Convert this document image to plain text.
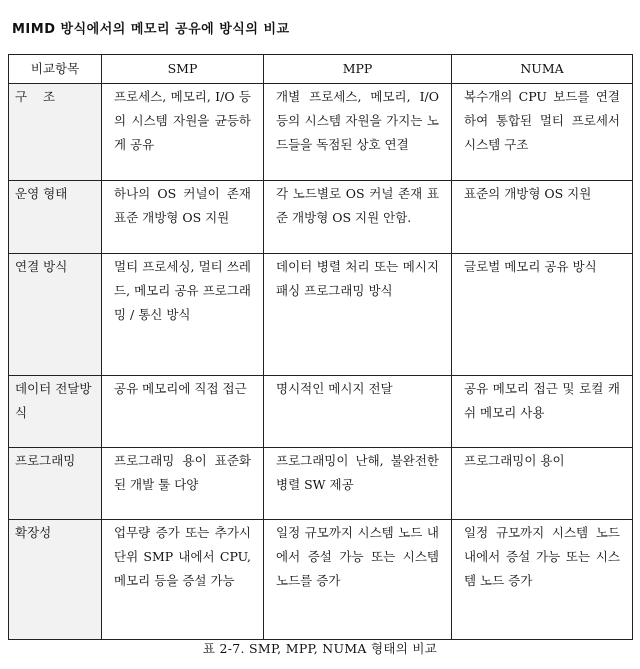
MIMD 방식에서의 메모리 공유에 방식의 비교
비교항목	SMP	MPP	NUMA
구    조	프로세스, 메모리, I/O 등의 시스템 자원을 균등하게 공유	개별 프로세스, 메모리, I/O 등의 시스템 자원을 가지는 노드들을 독점된 상호 연결	복수개의 CPU 보드를 연결하여 통합된 멀티 프로세서 시스템 구조
운영 형태	하나의 OS 커널이 존재 표준 개방형 OS 지원	각 노드별로 OS 커널 존재 표준 개방형 OS 지원 안함.	표준의 개방형 OS 지원
연결 방식	멀티 프로세싱, 멀티 쓰레드, 메모리 공유 프로그래밍 / 통신 방식	데이터 병렬 처리 또는 메시지 패싱 프로그래밍 방식	글로벌 메모리 공유 방식
데이터 전달방식	공유 메모리에 직접 접근	명시적인 메시지 전달	공유 메모리 접근 및 로컬 캐쉬 메모리 사용
프로그래밍	프로그래밍 용이 표준화된 개발 툴 다양	프로그래밍이 난해, 불완전한 병렬 SW 제공	프로그래밍이 용이
확장성	업무량 증가 또는 추가시 단위 SMP 내에서 CPU, 메모리 등을 증설 가능	일정 규모까지 시스템 노드 내에서 증설 가능 또는 시스템 노드를 증가	일정 규모까지 시스템 노드 내에서 증설 가능 또는 시스템 노드 증가
표 2-7. SMP, MPP, NUMA 형태의 비교
